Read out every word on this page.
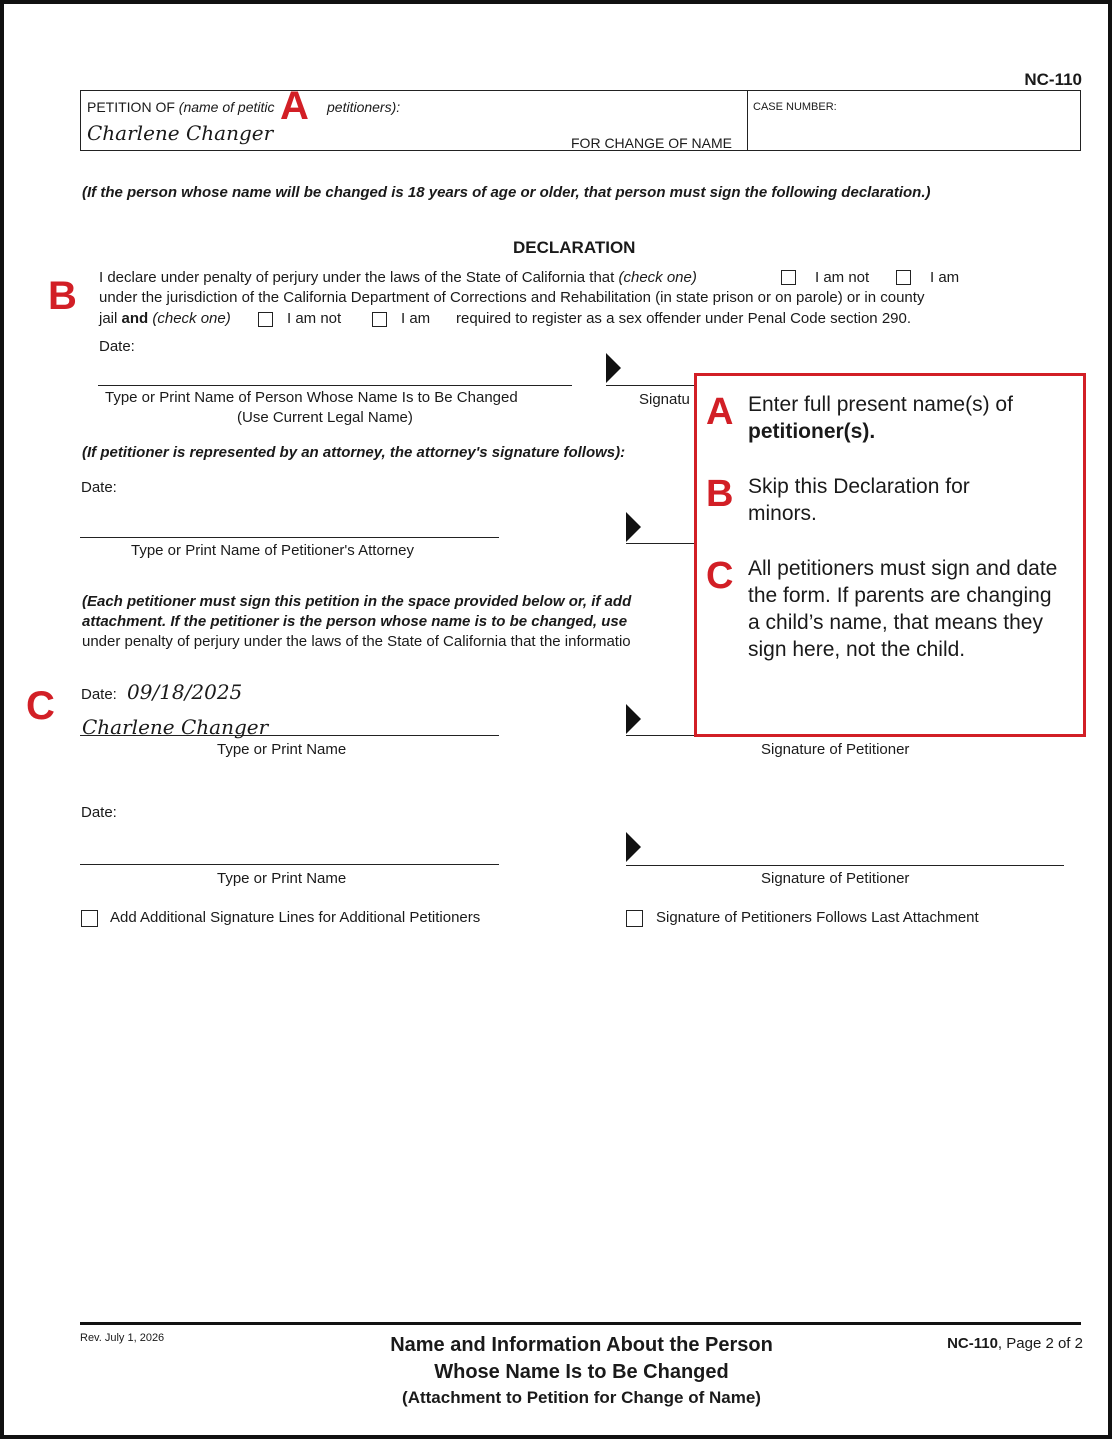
NC-110
PETITION OF (name of petitic	petitioners):
Charlene Changer	FOR CHANGE OF NAME
CASE NUMBER:
A
(If the person whose name will be changed is 18 years of age or older, that person must sign the following declaration.)
DECLARATION
B I declare under penalty of perjury under the laws of the State of California that (check one)	I am not	I am
under the jurisdiction of the California Department of Corrections and Rehabilitation (in state prison or on parole) or in county
jail and (check one)	I am not	I am required to register as a sex offender under Penal Code section 290.
Date:
Type or Print Name of Person Whose Name Is to Be Changed
(Use Current Legal Name)
Signatu
(If petitioner is represented by an attorney, the attorney's signature follows):
Date:
Type or Print Name of Petitioner's Attorney
(Each petitioner must sign this petition in the space provided below or, if add
attachment. If the petitioner is the person whose name is to be changed, use
under penalty of perjury under the laws of the State of California that the informatio
C Date: 09/18/2025
Charlene Changer
Type or Print Name	Signature of Petitioner
Date:
Type or Print Name	Signature of Petitioner
Add Additional Signature Lines for Additional Petitioners	Signature of Petitioners Follows Last Attachment
A Enter full present name(s) of
petitioner(s).
B Skip this Declaration for minors.
C All petitioners must sign and date the form. If parents are changing a child’s name, that means they sign here, not the child.
Rev. July 1, 2026	Name and Information About the Person
Whose Name Is to Be Changed
(Attachment to Petition for Change of Name)
NC-110, Page 2 of 2
